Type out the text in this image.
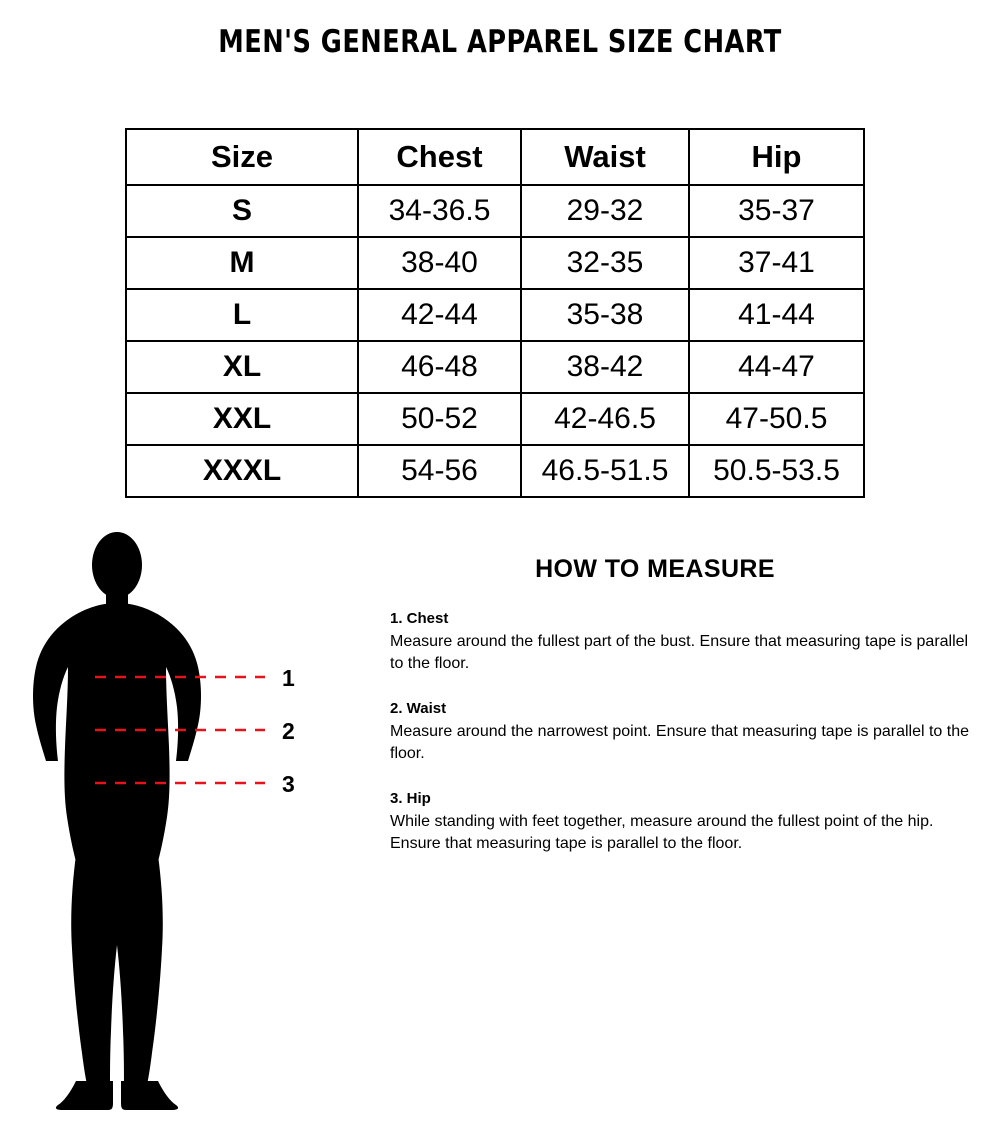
MEN'S GENERAL APPAREL SIZE CHART
Size	Chest	Waist	Hip
S	34-36.5	29-32	35-37
M	38-40	32-35	37-41
L	42-44	35-38	41-44
XL	46-48	38-42	44-47
XXL	50-52	42-46.5	47-50.5
XXXL	54-56	46.5-51.5	50.5-53.5
1
2
3
HOW TO MEASURE
1. Chest
Measure around the fullest part of the bust. Ensure that measuring tape is parallel to the floor.
2. Waist
Measure around the narrowest point. Ensure that measuring tape is parallel to the floor.
3. Hip
While standing with feet together, measure around the fullest point of the hip. Ensure that measuring tape is parallel to the floor.
